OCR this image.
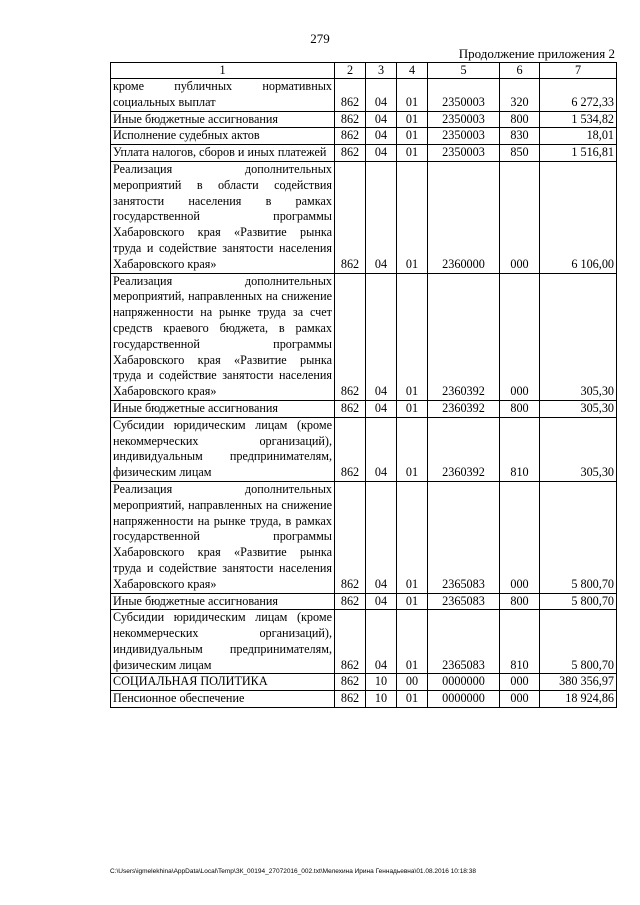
279
Продолжение приложения 2
1	2	3	4	5	6	7
кроме публичных нормативных социальных выплат	862	04	01	2350003	320	6 272,33
Иные бюджетные ассигнования	862	04	01	2350003	800	1 534,82
Исполнение судебных актов	862	04	01	2350003	830	18,01
Уплата налогов, сборов и иных платежей	862	04	01	2350003	850	1 516,81
Реализация дополнительных мероприятий в области содействия занятости населения в рамках государственной программы Хабаровского края «Развитие рынка труда и содействие занятости населения Хабаровского края»	862	04	01	2360000	000	6 106,00
Реализация дополнительных мероприятий, направленных на снижение напряженности на рынке труда за счет средств краевого бюджета, в рамках государственной программы Хабаровского края «Развитие рынка труда и содействие занятости населения Хабаровского края»	862	04	01	2360392	000	305,30
Иные бюджетные ассигнования	862	04	01	2360392	800	305,30
Субсидии юридическим лицам (кроме некоммерческих организаций), индивидуальным предпринимателям, физическим лицам	862	04	01	2360392	810	305,30
Реализация дополнительных мероприятий, направленных на снижение напряженности на рынке труда, в рамках государственной программы Хабаровского края «Развитие рынка труда и содействие занятости населения Хабаровского края»	862	04	01	2365083	000	5 800,70
Иные бюджетные ассигнования	862	04	01	2365083	800	5 800,70
Субсидии юридическим лицам (кроме некоммерческих организаций), индивидуальным предпринимателям, физическим лицам	862	04	01	2365083	810	5 800,70
СОЦИАЛЬНАЯ ПОЛИТИКА	862	10	00	0000000	000	380 356,97
Пенсионное обеспечение	862	10	01	0000000	000	18 924,86
C:\Users\igmelekhina\AppData\Local\Temp\ЗК_00194_27072016_002.txt\Мелехина Ирина Геннадьевна\01.08.2016 10:18:38
